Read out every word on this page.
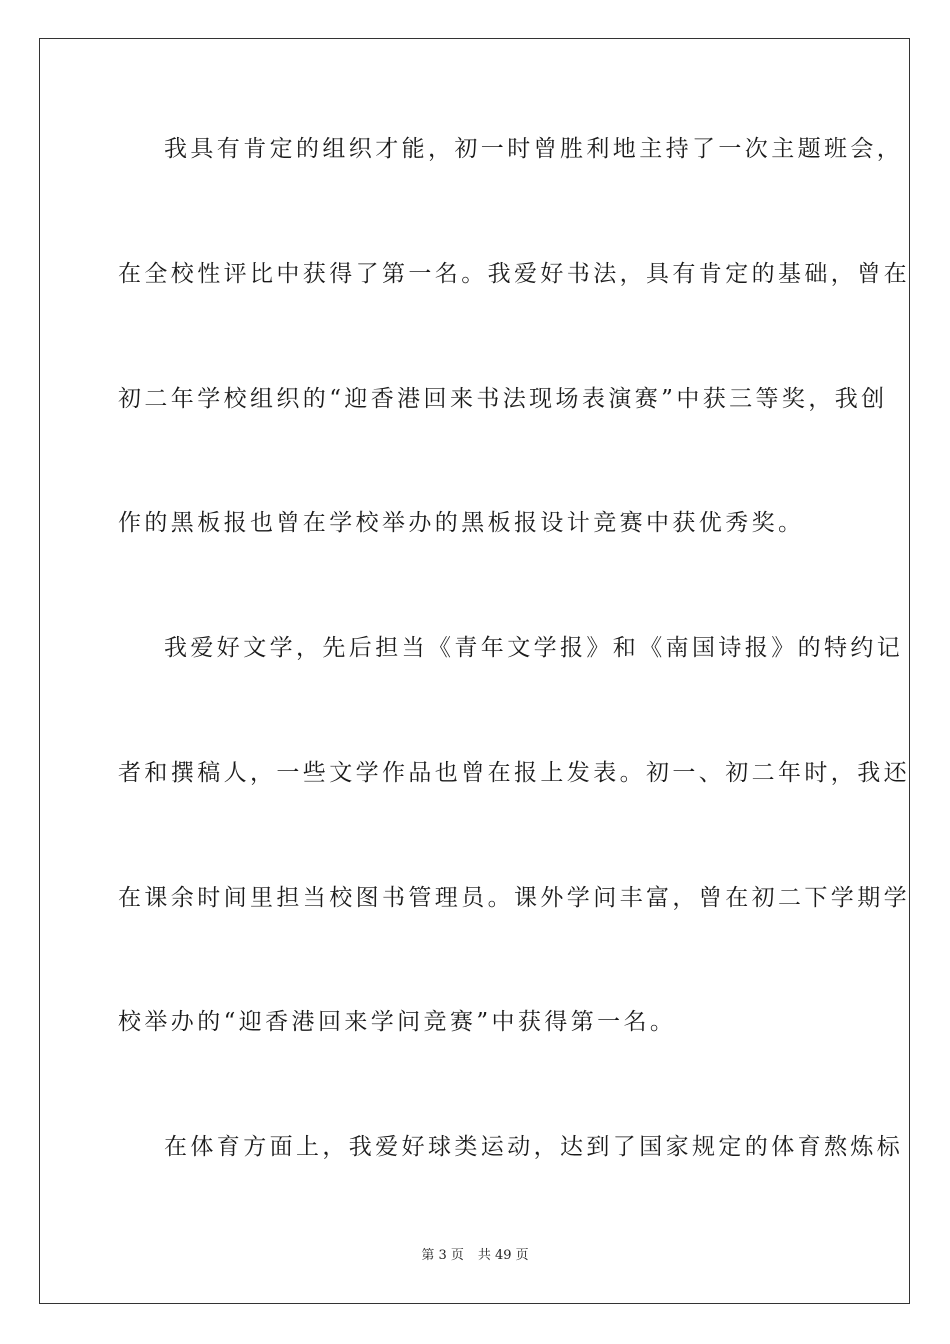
我具有肯定的组织才能，初一时曾胜利地主持了一次主题班会，
在全校性评比中获得了第一名。我爱好书法，具有肯定的基础，曾在
初二年学校组织的“迎香港回来书法现场表演赛”中获三等奖，我创
作的黑板报也曾在学校举办的黑板报设计竞赛中获优秀奖。
我爱好文学，先后担当《青年文学报》和《南国诗报》的特约记
者和撰稿人，一些文学作品也曾在报上发表。初一、初二年时，我还
在课余时间里担当校图书管理员。课外学问丰富，曾在初二下学期学
校举办的“迎香港回来学问竞赛”中获得第一名。
在体育方面上，我爱好球类运动，达到了国家规定的体育熬炼标
第 3 页 共 49 页
